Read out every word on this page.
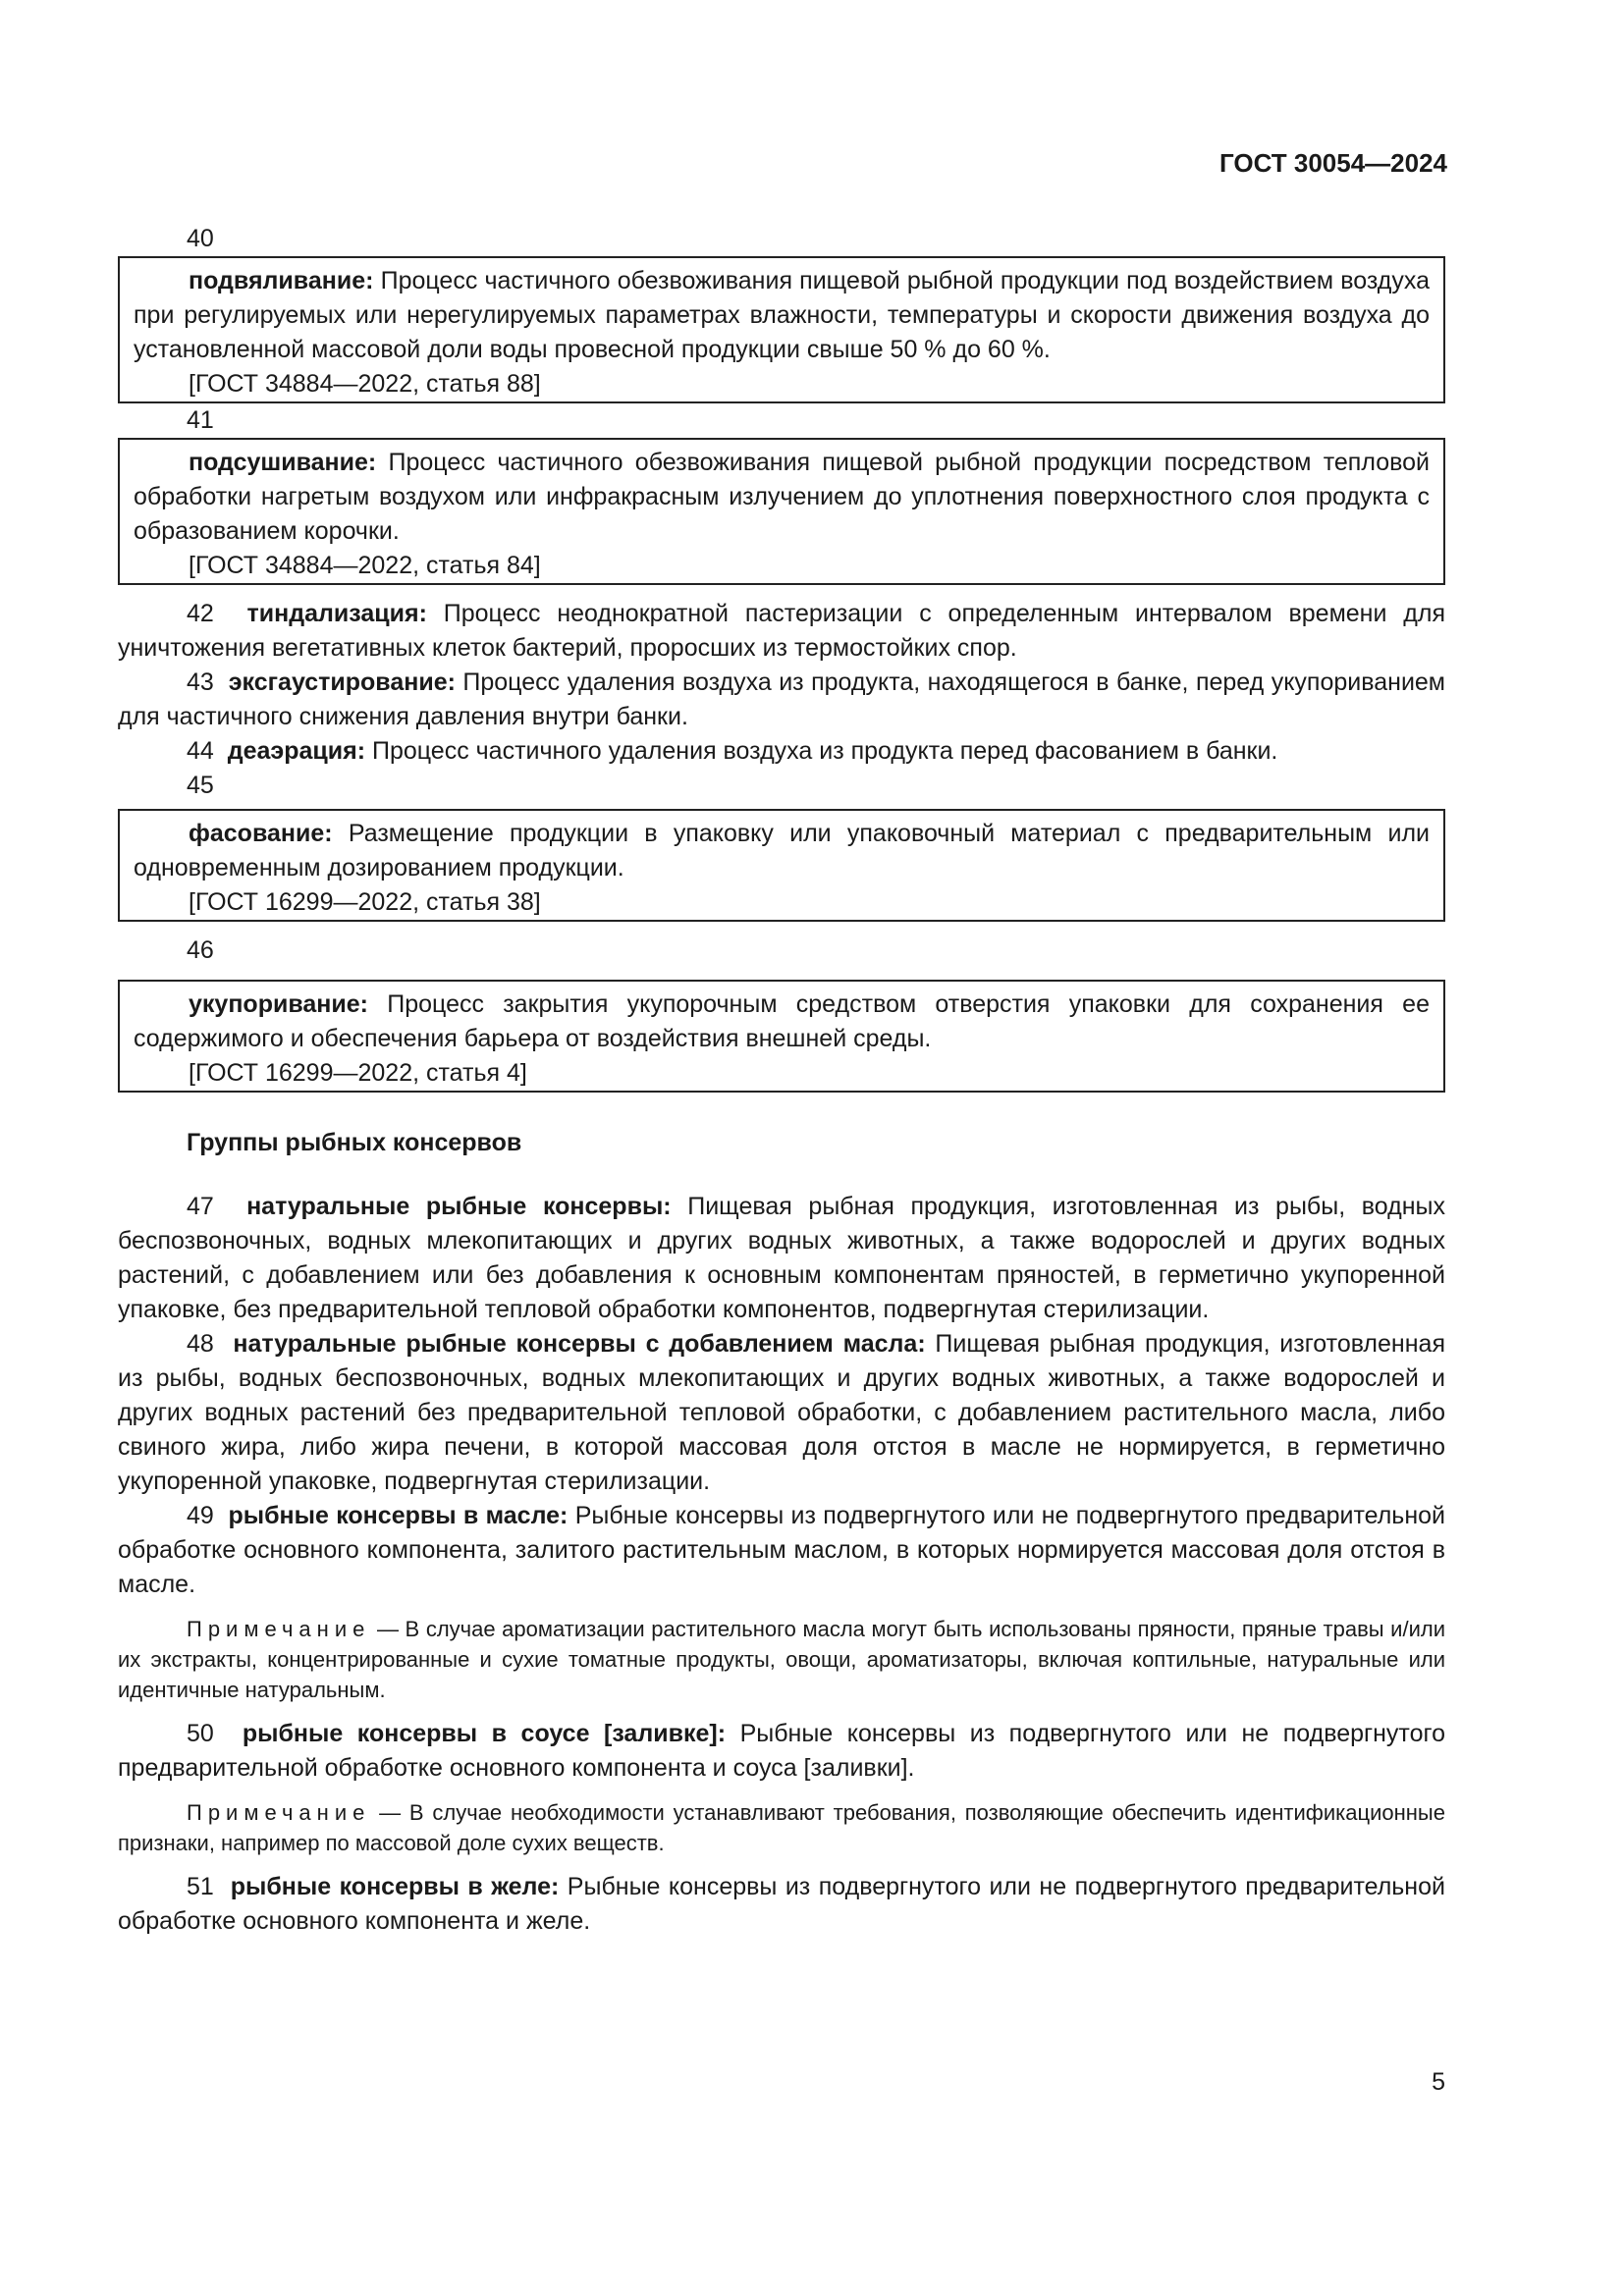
ГОСТ 30054—2024
40

подвяливание: Процесс частичного обезвоживания пищевой рыбной продукции под воздействием воздуха при регулируемых или нерегулируемых параметрах влажности, температуры и скорости движения воздуха до установленной массовой доли воды провесной продукции свыше 50 % до 60 %.

[ГОСТ 34884—2022, статья 88]

41

подсушивание: Процесс частичного обезвоживания пищевой рыбной продукции посредством тепловой обработки нагретым воздухом или инфракрасным излучением до уплотнения поверхностного слоя продукта с образованием корочки.

[ГОСТ 34884—2022, статья 84]

42 тиндализация: Процесс неоднократной пастеризации с определенным интервалом времени для уничтожения вегетативных клеток бактерий, проросших из термостойких спор.

43 эксгаустирование: Процесс удаления воздуха из продукта, находящегося в банке, перед укупориванием для частичного снижения давления внутри банки.

44 деаэрация: Процесс частичного удаления воздуха из продукта перед фасованием в банки.

45

фасование: Размещение продукции в упаковку или упаковочный материал с предварительным или одновременным дозированием продукции.

[ГОСТ 16299—2022, статья 38]

46

укупоривание: Процесс закрытия укупорочным средством отверстия упаковки для сохранения ее содержимого и обеспечения барьера от воздействия внешней среды.

[ГОСТ 16299—2022, статья 4]

Группы рыбных консервов

47 натуральные рыбные консервы: Пищевая рыбная продукция, изготовленная из рыбы, водных беспозвоночных, водных млекопитающих и других водных животных, а также водорослей и других водных растений, с добавлением или без добавления к основным компонентам пряностей, в герметично укупоренной упаковке, без предварительной тепловой обработки компонентов, подвергнутая стерилизации.

48 натуральные рыбные консервы с добавлением масла: Пищевая рыбная продукция, изготовленная из рыбы, водных беспозвоночных, водных млекопитающих и других водных животных, а также водорослей и других водных растений без предварительной тепловой обработки, с добавлением растительного масла, либо свиного жира, либо жира печени, в которой массовая доля отстоя в масле не нормируется, в герметично укупоренной упаковке, подвергнутая стерилизации.

49 рыбные консервы в масле: Рыбные консервы из подвергнутого или не подвергнутого предварительной обработке основного компонента, залитого растительным маслом, в которых нормируется массовая доля отстоя в масле.

Примечание — В случае ароматизации растительного масла могут быть использованы пряности, пряные травы и/или их экстракты, концентрированные и сухие томатные продукты, овощи, ароматизаторы, включая коптильные, натуральные или идентичные натуральным.

50 рыбные консервы в соусе [заливке]: Рыбные консервы из подвергнутого или не подвергнутого предварительной обработке основного компонента и соуса [заливки].

Примечание — В случае необходимости устанавливают требования, позволяющие обеспечить идентификационные признаки, например по массовой доле сухих веществ.

51 рыбные консервы в желе: Рыбные консервы из подвергнутого или не подвергнутого предварительной обработке основного компонента и желе.

5
